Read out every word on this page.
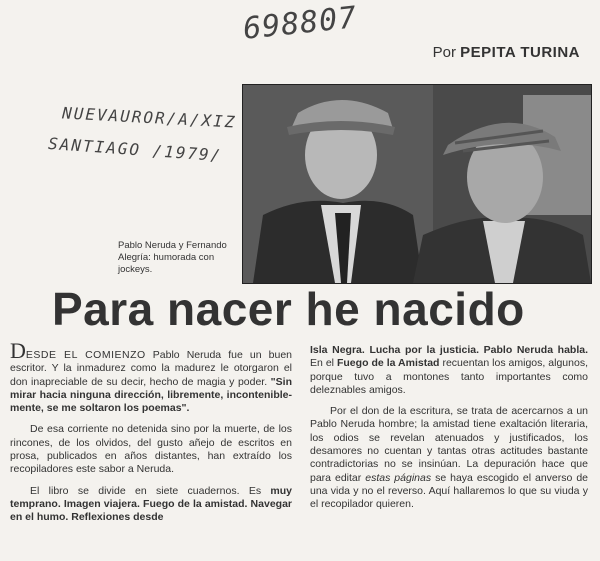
698807
NUEVAUROR/A/XIZ
SANTIAGO /1979/
Por PEPITA TURINA
Pablo Neruda y Fernando Alegría: humorada con jockeys.
Para nacer he nacido

DESDE EL COMIENZO Pablo Neruda fue un buen escritor. Y la inmadurez como la madurez le otorgaron el don inapreciable de su decir, hecho de magia y poder. "Sin mirar hacia ninguna dirección, libremente, incontenible-mente, se me soltaron los poemas".

De esa corriente no detenida sino por la muerte, de los rincones, de los olvidos, del gusto añejo de escritos en prosa, publicados en años distantes, han extraído los recopiladores este sabor a Neruda.

El libro se divide en siete cuadernos. Es muy temprano. Imagen viajera. Fuego de la amistad. Navegar en el humo. Reflexiones desde

Isla Negra. Lucha por la justicia. Pablo Neruda habla. En el Fuego de la Amistad recuentan los amigos, algunos, porque tuvo a montones tanto importantes como deleznables amigos.

Por el don de la escritura, se trata de acercarnos a un Pablo Neruda hombre; la amistad tiene exaltación literaria, los odios se revelan atenuados y justificados, los desamores no cuentan y tantas otras actitudes bastante contradictorias no se insinúan. La depuración hace que para editar estas páginas se haya escogido el anverso de una vida y no el reverso. Aquí hallaremos lo que su viuda y el recopilador quieren.
